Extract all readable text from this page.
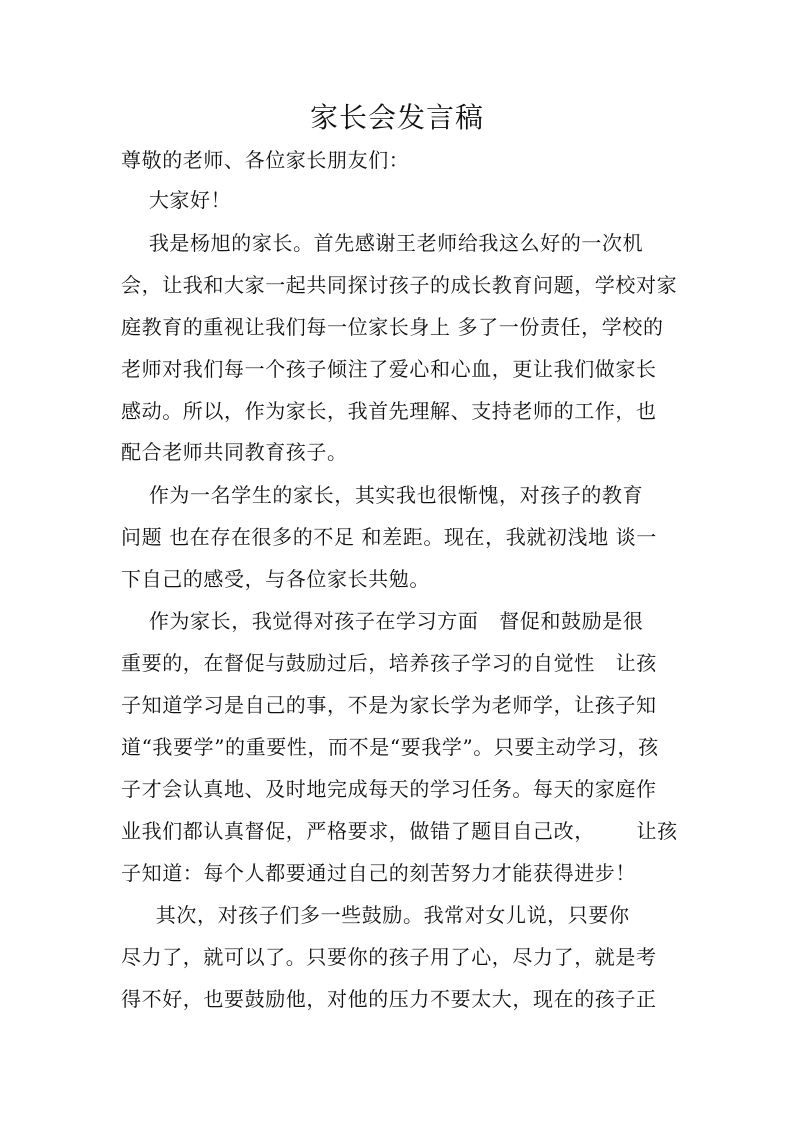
家长会发言稿
尊敬的老师、各位家长朋友们：
大家好！
我是杨旭的家长。首先感谢王老师给我这么好的一次机
会，让我和大家一起共同探讨孩子的成长教育问题，学校对家
庭教育的重视让我们每一位家长身上 多了一份责任，学校的
老师对我们每一个孩子倾注了爱心和心血，更让我们做家长
感动。所以，作为家长，我首先理解、支持老师的工作，也
配合老师共同教育孩子。
作为一名学生的家长，其实我也很惭愧，对孩子的教育
问题 也在存在很多的不足 和差距。现在，我就初浅地 谈一
下自己的感受，与各位家长共勉。
作为家长，我觉得对孩子在学习方面   督促和鼓励是很
重要的，在督促与鼓励过后，培养孩子学习的自觉性   让孩
子知道学习是自己的事，不是为家长学为老师学，让孩子知
道“我要学”的重要性，而不是“要我学”。只要主动学习，孩
子才会认真地、及时地完成每天的学习任务。每天的家庭作
业我们都认真督促，严格要求，做错了题目自己改，      让孩
子知道：每个人都要通过自己的刻苦努力才能获得进步！
其次，对孩子们多一些鼓励。我常对女儿说，只要你
尽力了，就可以了。只要你的孩子用了心，尽力了，就是考
得不好，也要鼓励他，对他的压力不要太大，现在的孩子正
